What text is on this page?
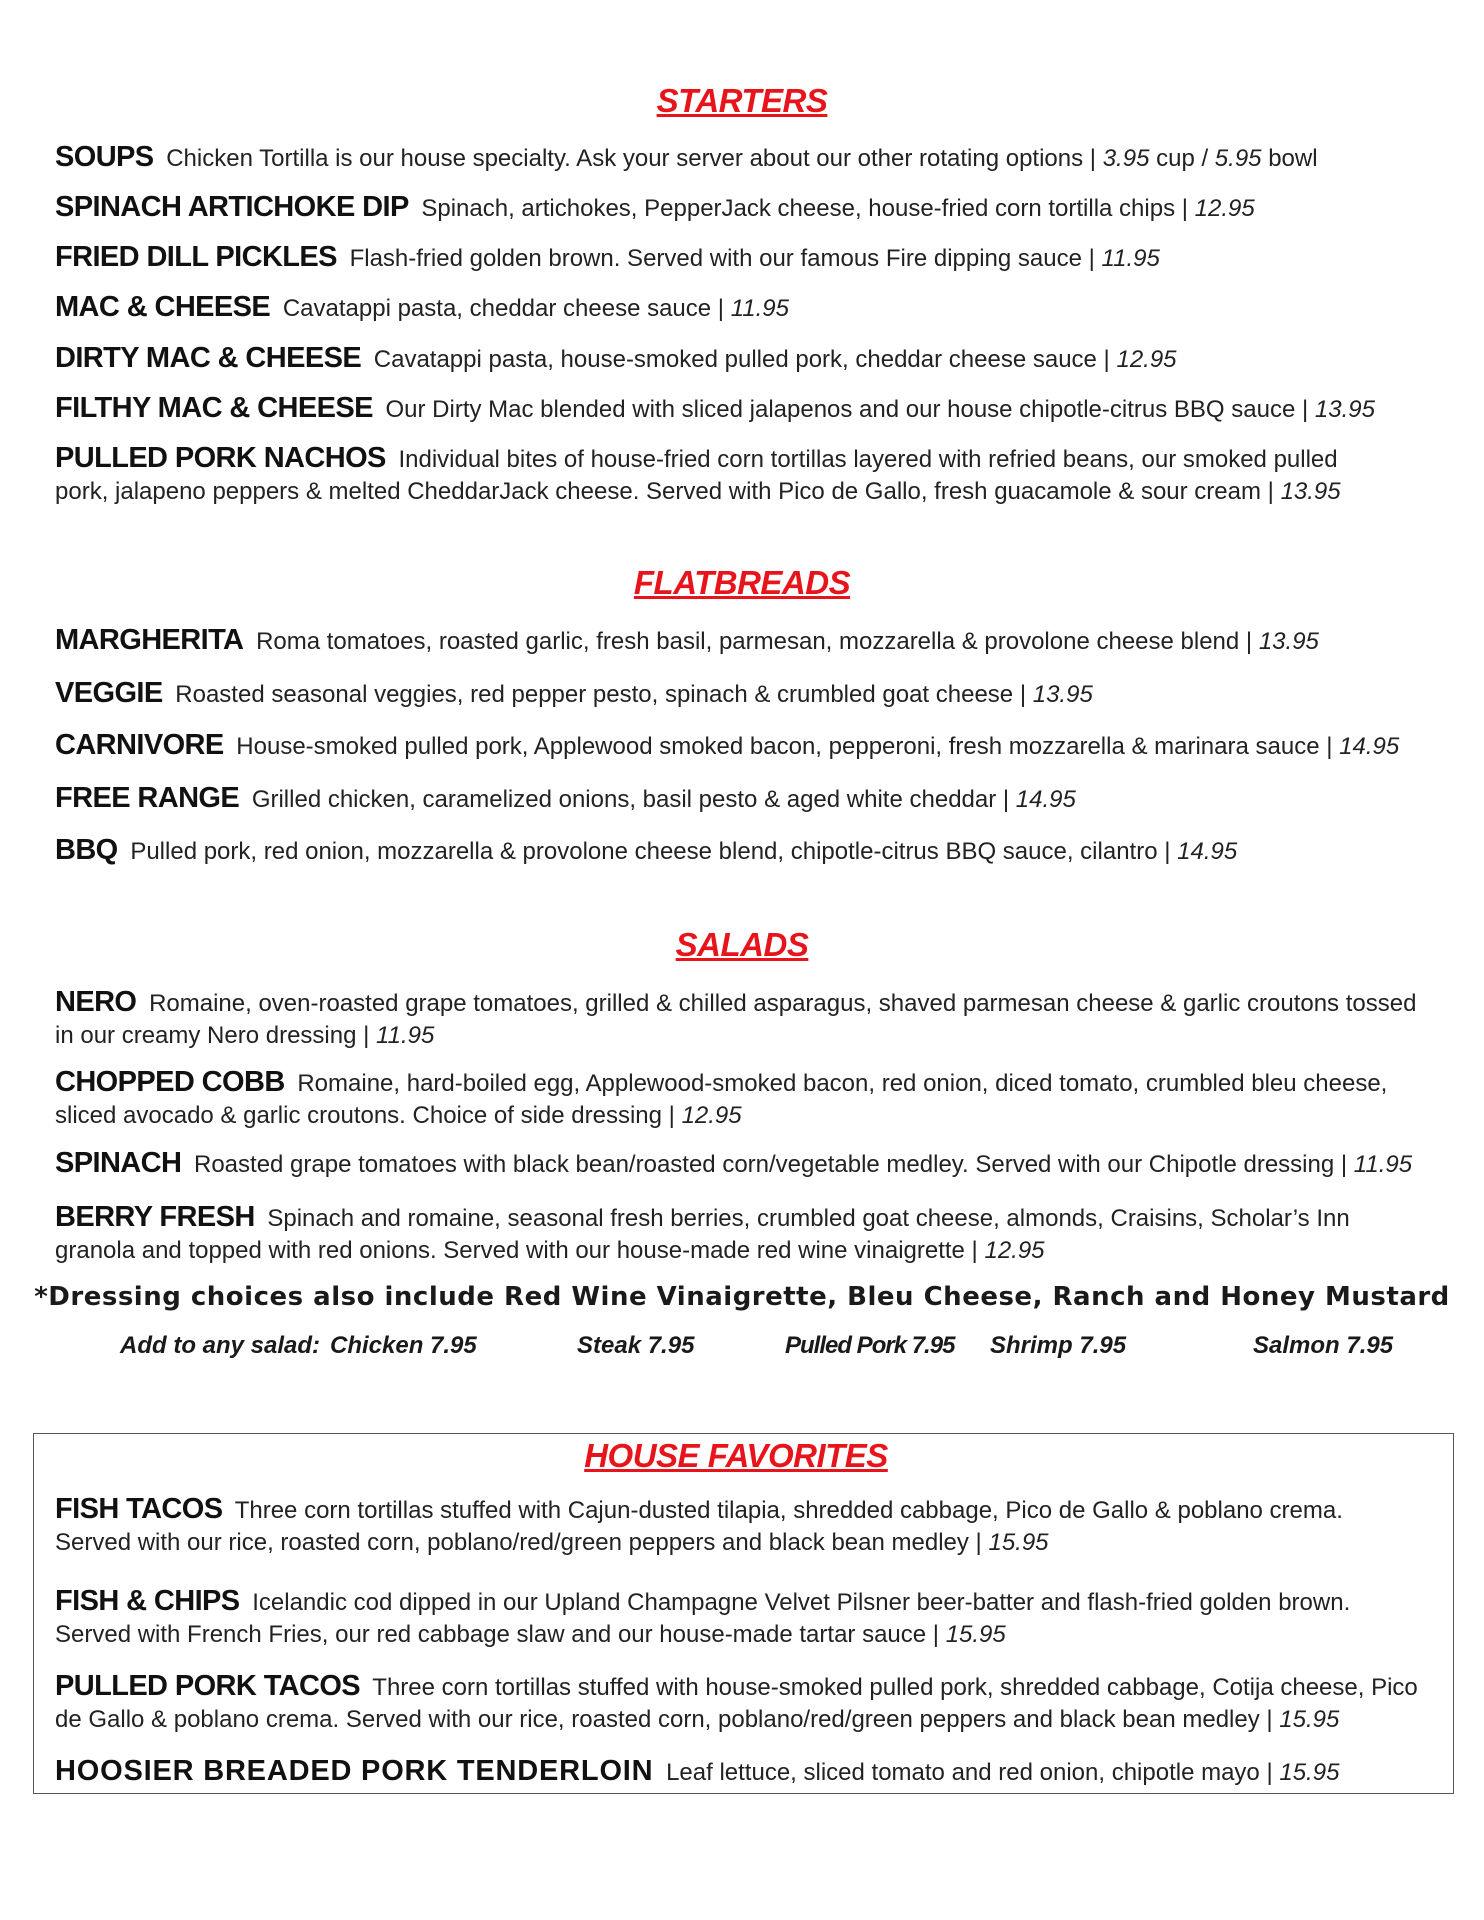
STARTERS
SOUPS Chicken Tortilla is our house specialty. Ask your server about our other rotating options | 3.95 cup / 5.95 bowl
SPINACH ARTICHOKE DIP Spinach, artichokes, PepperJack cheese, house-fried corn tortilla chips | 12.95
FRIED DILL PICKLES Flash-fried golden brown. Served with our famous Fire dipping sauce | 11.95
MAC & CHEESE Cavatappi pasta, cheddar cheese sauce | 11.95
DIRTY MAC & CHEESE Cavatappi pasta, house-smoked pulled pork, cheddar cheese sauce | 12.95
FILTHY MAC & CHEESE Our Dirty Mac blended with sliced jalapenos and our house chipotle-citrus BBQ sauce | 13.95
PULLED PORK NACHOS Individual bites of house-fried corn tortillas layered with refried beans, our smoked pulled pork, jalapeno peppers & melted CheddarJack cheese. Served with Pico de Gallo, fresh guacamole & sour cream | 13.95
FLATBREADS
MARGHERITA Roma tomatoes, roasted garlic, fresh basil, parmesan, mozzarella & provolone cheese blend | 13.95
VEGGIE Roasted seasonal veggies, red pepper pesto, spinach & crumbled goat cheese | 13.95
CARNIVORE House-smoked pulled pork, Applewood smoked bacon, pepperoni, fresh mozzarella & marinara sauce | 14.95
FREE RANGE Grilled chicken, caramelized onions, basil pesto & aged white cheddar | 14.95
BBQ Pulled pork, red onion, mozzarella & provolone cheese blend, chipotle-citrus BBQ sauce, cilantro | 14.95
SALADS
NERO Romaine, oven-roasted grape tomatoes, grilled & chilled asparagus, shaved parmesan cheese & garlic croutons tossed in our creamy Nero dressing | 11.95
CHOPPED COBB Romaine, hard-boiled egg, Applewood-smoked bacon, red onion, diced tomato, crumbled bleu cheese, sliced avocado & garlic croutons. Choice of side dressing | 12.95
SPINACH Roasted grape tomatoes with black bean/roasted corn/vegetable medley. Served with our Chipotle dressing | 11.95
BERRY FRESH Spinach and romaine, seasonal fresh berries, crumbled goat cheese, almonds, Craisins, Scholar’s Inn granola and topped with red onions. Served with our house-made red wine vinaigrette | 12.95
*Dressing choices also include Red Wine Vinaigrette, Bleu Cheese, Ranch and Honey Mustard
Add to any salad: Chicken 7.95	Steak 7.95	Pulled Pork 7.95 Shrimp 7.95	Salmon 7.95
HOUSE FAVORITES
FISH TACOS Three corn tortillas stuffed with Cajun-dusted tilapia, shredded cabbage, Pico de Gallo & poblano crema. Served with our rice, roasted corn, poblano/red/green peppers and black bean medley | 15.95
FISH & CHIPS Icelandic cod dipped in our Upland Champagne Velvet Pilsner beer-batter and flash-fried golden brown. Served with French Fries, our red cabbage slaw and our house-made tartar sauce | 15.95
PULLED PORK TACOS Three corn tortillas stuffed with house-smoked pulled pork, shredded cabbage, Cotija cheese, Pico de Gallo & poblano crema. Served with our rice, roasted corn, poblano/red/green peppers and black bean medley | 15.95
HOOSIER BREADED PORK TENDERLOIN Leaf lettuce, sliced tomato and red onion, chipotle mayo | 15.95
